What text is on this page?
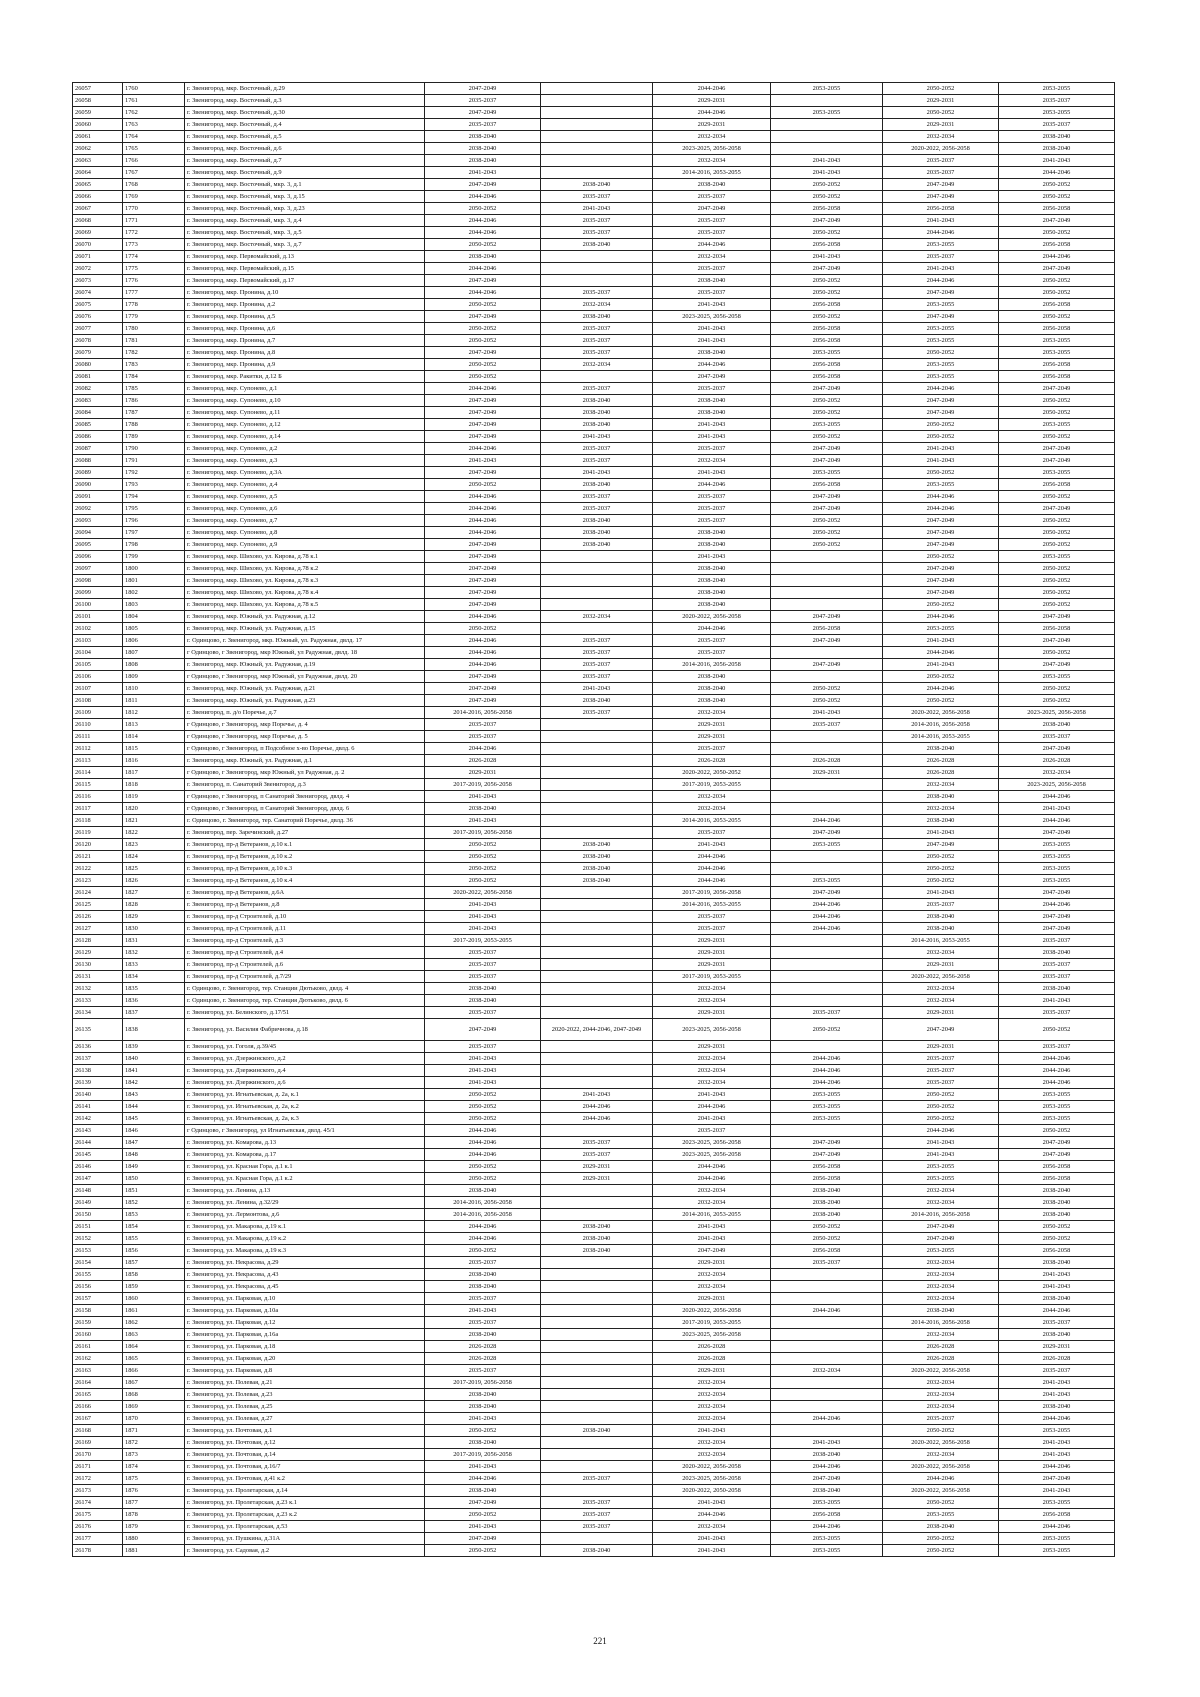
26057	1760	г. Звенигород, мкр. Восточный, д.29	2047-2049		2044-2046	2053-2055	2050-2052	2053-2055
26058	1761	г. Звенигород, мкр. Восточный, д.3	2035-2037		2029-2031		2029-2031	2035-2037
26059	1762	г. Звенигород, мкр. Восточный, д.30	2047-2049		2044-2046	2053-2055	2050-2052	2053-2055
26060	1763	г. Звенигород, мкр. Восточный, д.4	2035-2037		2029-2031		2029-2031	2035-2037
26061	1764	г. Звенигород, мкр. Восточный, д.5	2038-2040		2032-2034		2032-2034	2038-2040
26062	1765	г. Звенигород, мкр. Восточный, д.6	2038-2040		2023-2025, 2056-2058		2020-2022, 2056-2058	2038-2040
26063	1766	г. Звенигород, мкр. Восточный, д.7	2038-2040		2032-2034	2041-2043	2035-2037	2041-2043
26064	1767	г. Звенигород, мкр. Восточный, д.9	2041-2043		2014-2016, 2053-2055	2041-2043	2035-2037	2044-2046
26065	1768	г. Звенигород, мкр. Восточный, мкр. 3, д.1	2047-2049	2038-2040	2038-2040	2050-2052	2047-2049	2050-2052
26066	1769	г. Звенигород, мкр. Восточный, мкр. 3, д.15	2044-2046	2035-2037	2035-2037	2050-2052	2047-2049	2050-2052
26067	1770	г. Звенигород, мкр. Восточный, мкр. 3, д.23	2050-2052	2041-2043	2047-2049	2056-2058	2056-2058	2056-2058
26068	1771	г. Звенигород, мкр. Восточный, мкр. 3, д.4	2044-2046	2035-2037	2035-2037	2047-2049	2041-2043	2047-2049
26069	1772	г. Звенигород, мкр. Восточный, мкр. 3, д.5	2044-2046	2035-2037	2035-2037	2050-2052	2044-2046	2050-2052
26070	1773	г. Звенигород, мкр. Восточный, мкр. 3, д.7	2050-2052	2038-2040	2044-2046	2056-2058	2053-2055	2056-2058
26071	1774	г. Звенигород, мкр. Первомайский, д.13	2038-2040		2032-2034	2041-2043	2035-2037	2044-2046
26072	1775	г. Звенигород, мкр. Первомайский, д.15	2044-2046		2035-2037	2047-2049	2041-2043	2047-2049
26073	1776	г. Звенигород, мкр. Первомайский, д.17	2047-2049		2038-2040	2050-2052	2044-2046	2050-2052
26074	1777	г. Звенигород, мкр. Пронина, д.10	2044-2046	2035-2037	2035-2037	2050-2052	2047-2049	2050-2052
26075	1778	г. Звенигород, мкр. Пронина, д.2	2050-2052	2032-2034	2041-2043	2056-2058	2053-2055	2056-2058
26076	1779	г. Звенигород, мкр. Пронина, д.5	2047-2049	2038-2040	2023-2025, 2056-2058	2050-2052	2047-2049	2050-2052
26077	1780	г. Звенигород, мкр. Пронина, д.6	2050-2052	2035-2037	2041-2043	2056-2058	2053-2055	2056-2058
26078	1781	г. Звенигород, мкр. Пронина, д.7	2050-2052	2035-2037	2041-2043	2056-2058	2053-2055	2053-2055
26079	1782	г. Звенигород, мкр. Пронина, д.8	2047-2049	2035-2037	2038-2040	2053-2055	2050-2052	2053-2055
26080	1783	г. Звенигород, мкр. Пронина, д.9	2050-2052	2032-2034	2044-2046	2056-2058	2053-2055	2056-2058
26081	1784	г. Звенигород, мкр. Ракитки, д.12 Б	2050-2052		2047-2049	2056-2058	2053-2055	2056-2058
26082	1785	г. Звенигород, мкр. Супонево, д.1	2044-2046	2035-2037	2035-2037	2047-2049	2044-2046	2047-2049
26083	1786	г. Звенигород, мкр. Супонево, д.10	2047-2049	2038-2040	2038-2040	2050-2052	2047-2049	2050-2052
26084	1787	г. Звенигород, мкр. Супонево, д.11	2047-2049	2038-2040	2038-2040	2050-2052	2047-2049	2050-2052
26085	1788	г. Звенигород, мкр. Супонево, д.12	2047-2049	2038-2040	2041-2043	2053-2055	2050-2052	2053-2055
26086	1789	г. Звенигород, мкр. Супонево, д.14	2047-2049	2041-2043	2041-2043	2050-2052	2050-2052	2050-2052
26087	1790	г. Звенигород, мкр. Супонево, д.2	2044-2046	2035-2037	2035-2037	2047-2049	2041-2043	2047-2049
26088	1791	г. Звенигород, мкр. Супонево, д.3	2041-2043	2035-2037	2032-2034	2047-2049	2041-2043	2047-2049
26089	1792	г. Звенигород, мкр. Супонево, д.3А	2047-2049	2041-2043	2041-2043	2053-2055	2050-2052	2053-2055
26090	1793	г. Звенигород, мкр. Супонево, д.4	2050-2052	2038-2040	2044-2046	2056-2058	2053-2055	2056-2058
26091	1794	г. Звенигород, мкр. Супонево, д.5	2044-2046	2035-2037	2035-2037	2047-2049	2044-2046	2050-2052
26092	1795	г. Звенигород, мкр. Супонево, д.6	2044-2046	2035-2037	2035-2037	2047-2049	2044-2046	2047-2049
26093	1796	г. Звенигород, мкр. Супонево, д.7	2044-2046	2038-2040	2035-2037	2050-2052	2047-2049	2050-2052
26094	1797	г. Звенигород, мкр. Супонево, д.8	2044-2046	2038-2040	2038-2040	2050-2052	2047-2049	2050-2052
26095	1798	г. Звенигород, мкр. Супонево, д.9	2047-2049	2038-2040	2038-2040	2050-2052	2047-2049	2050-2052
26096	1799	г. Звенигород, мкр. Шихово, ул. Кирова, д.78 к.1	2047-2049		2041-2043		2050-2052	2053-2055
26097	1800	г. Звенигород, мкр. Шихово, ул. Кирова, д.78 к.2	2047-2049		2038-2040		2047-2049	2050-2052
26098	1801	г. Звенигород, мкр. Шихово, ул. Кирова, д.78 к.3	2047-2049		2038-2040		2047-2049	2050-2052
26099	1802	г. Звенигород, мкр. Шихово, ул. Кирова, д.78 к.4	2047-2049		2038-2040		2047-2049	2050-2052
26100	1803	г. Звенигород, мкр. Шихово, ул. Кирова, д.78 к.5	2047-2049		2038-2040		2050-2052	2050-2052
26101	1804	г. Звенигород, мкр. Южный, ул. Радужная, д.12	2044-2046	2032-2034	2020-2022, 2056-2058	2047-2049	2044-2046	2047-2049
26102	1805	г. Звенигород, мкр. Южный, ул. Радужная, д.15	2050-2052		2044-2046	2056-2058	2053-2055	2056-2058
26103	1806	г. Одинцово, г. Звенигород, мкр. Южный, ул. Радужная, двлд. 17	2044-2046	2035-2037	2035-2037	2047-2049	2041-2043	2047-2049
26104	1807	г Одинцово, г Звенигород, мкр Южный, ул Радужная, двлд. 18	2044-2046	2035-2037	2035-2037		2044-2046	2050-2052
26105	1808	г. Звенигород, мкр. Южный, ул. Радужная, д.19	2044-2046	2035-2037	2014-2016, 2056-2058	2047-2049	2041-2043	2047-2049
26106	1809	г Одинцово, г Звенигород, мкр Южный, ул Радужная, двлд. 20	2047-2049	2035-2037	2038-2040		2050-2052	2053-2055
26107	1810	г. Звенигород, мкр. Южный, ул. Радужная, д.21	2047-2049	2041-2043	2038-2040	2050-2052	2044-2046	2050-2052
26108	1811	г. Звенигород, мкр. Южный, ул. Радужная, д.23	2047-2049	2038-2040	2038-2040	2050-2052	2050-2052	2050-2052
26109	1812	г. Звенигород, п. д/о Поречье, д.7	2014-2016, 2056-2058	2035-2037	2032-2034	2041-2043	2020-2022, 2056-2058	2023-2025, 2056-2058
26110	1813	г Одинцово, г Звенигород, мкр Поречье, д. 4	2035-2037		2029-2031	2035-2037	2014-2016, 2056-2058	2038-2040
26111	1814	г Одинцово, г Звенигород, мкр Поречье, д. 5	2035-2037		2029-2031		2014-2016, 2053-2055	2035-2037
26112	1815	г Одинцово, г Звенигород, п Подсобное х-во Поречье, двлд. 6	2044-2046		2035-2037		2038-2040	2047-2049
26113	1816	г. Звенигород, мкр. Южный, ул. Радужная, д.1	2026-2028		2026-2028	2026-2028	2026-2028	2026-2028
26114	1817	г Одинцово, г Звенигород, мкр Южный, ул Радужная, д. 2	2029-2031		2020-2022, 2050-2052	2029-2031	2026-2028	2032-2034
26115	1818	г. Звенигород, п. Санаторий Звенигород, д.3	2017-2019, 2056-2058		2017-2019, 2053-2055		2032-2034	2023-2025, 2056-2058
26116	1819	г Одинцово, г Звенигород, п Санаторий Звенигород, двлд. 4	2041-2043		2032-2034		2038-2040	2044-2046
26117	1820	г Одинцово, г Звенигород, п Санаторий Звенигород, двлд. 6	2038-2040		2032-2034		2032-2034	2041-2043
26118	1821	г. Одинцово, г. Звенигород, тер. Санаторий Поречье, двлд. 36	2041-2043		2014-2016, 2053-2055	2044-2046	2038-2040	2044-2046
26119	1822	г. Звенигород, пер. Заречинский, д.27	2017-2019, 2056-2058		2035-2037	2047-2049	2041-2043	2047-2049
26120	1823	г. Звенигород, пр-д Ветеранов, д.10 к.1	2050-2052	2038-2040	2041-2043	2053-2055	2047-2049	2053-2055
26121	1824	г. Звенигород, пр-д Ветеранов, д.10 к.2	2050-2052	2038-2040	2044-2046		2050-2052	2053-2055
26122	1825	г. Звенигород, пр-д Ветеранов, д.10 к.3	2050-2052	2038-2040	2044-2046		2050-2052	2053-2055
26123	1826	г. Звенигород, пр-д Ветеранов, д.10 к.4	2050-2052	2038-2040	2044-2046	2053-2055	2050-2052	2053-2055
26124	1827	г. Звенигород, пр-д Ветеранов, д.6А	2020-2022, 2056-2058		2017-2019, 2056-2058	2047-2049	2041-2043	2047-2049
26125	1828	г. Звенигород, пр-д Ветеранов, д.8	2041-2043		2014-2016, 2053-2055	2044-2046	2035-2037	2044-2046
26126	1829	г. Звенигород, пр-д Строителей, д.10	2041-2043		2035-2037	2044-2046	2038-2040	2047-2049
26127	1830	г. Звенигород, пр-д Строителей, д.11	2041-2043		2035-2037	2044-2046	2038-2040	2047-2049
26128	1831	г. Звенигород, пр-д Строителей, д.3	2017-2019, 2053-2055		2029-2031		2014-2016, 2053-2055	2035-2037
26129	1832	г. Звенигород, пр-д Строителей, д.4	2035-2037		2029-2031		2032-2034	2038-2040
26130	1833	г. Звенигород, пр-д Строителей, д.6	2035-2037		2029-2031		2029-2031	2035-2037
26131	1834	г. Звенигород, пр-д Строителей, д.7/29	2035-2037		2017-2019, 2053-2055		2020-2022, 2056-2058	2035-2037
26132	1835	г. Одинцово, г. Звенигород, тер. Станции Дютьково, двлд. 4	2038-2040		2032-2034		2032-2034	2038-2040
26133	1836	г. Одинцово, г. Звенигород, тер. Станция Дютьково, двлд. 6	2038-2040		2032-2034		2032-2034	2041-2043
26134	1837	г. Звенигород, ул. Белинского, д.17/51	2035-2037		2029-2031	2035-2037	2029-2031	2035-2037
26135	1838	г. Звенигород, ул. Василия Фабричнова, д.18	2047-2049	2020-2022, 2044-2046, 2047-2049	2023-2025, 2056-2058	2050-2052	2047-2049	2050-2052
26136	1839	г. Звенигород, ул. Гоголя, д.39/45	2035-2037		2029-2031		2029-2031	2035-2037
26137	1840	г. Звенигород, ул. Дзержинского, д.2	2041-2043		2032-2034	2044-2046	2035-2037	2044-2046
26138	1841	г. Звенигород, ул. Дзержинского, д.4	2041-2043		2032-2034	2044-2046	2035-2037	2044-2046
26139	1842	г. Звенигород, ул. Дзержинского, д.6	2041-2043		2032-2034	2044-2046	2035-2037	2044-2046
26140	1843	г. Звенигород, ул. Игнатьевская, д. 2а, к.1	2050-2052	2041-2043	2041-2043	2053-2055	2050-2052	2053-2055
26141	1844	г. Звенигород, ул. Игнатьевская, д. 2а, к.2	2050-2052	2044-2046	2044-2046	2053-2055	2050-2052	2053-2055
26142	1845	г. Звенигород, ул. Игнатьевская, д. 2а, к.3	2050-2052	2044-2046	2041-2043	2053-2055	2050-2052	2053-2055
26143	1846	г Одинцово, г Звенигород, ул Игнатьевская, двлд. 45/1	2044-2046		2035-2037		2044-2046	2050-2052
26144	1847	г. Звенигород, ул. Комарова, д.13	2044-2046	2035-2037	2023-2025, 2056-2058	2047-2049	2041-2043	2047-2049
26145	1848	г. Звенигород, ул. Комарова, д.17	2044-2046	2035-2037	2023-2025, 2056-2058	2047-2049	2041-2043	2047-2049
26146	1849	г. Звенигород, ул. Красная Гора, д.1 к.1	2050-2052	2029-2031	2044-2046	2056-2058	2053-2055	2056-2058
26147	1850	г. Звенигород, ул. Красная Гора, д.1 к.2	2050-2052	2029-2031	2044-2046	2056-2058	2053-2055	2056-2058
26148	1851	г. Звенигород, ул. Ленина, д.13	2038-2040		2032-2034	2038-2040	2032-2034	2038-2040
26149	1852	г. Звенигород, ул. Ленина, д.32/29	2014-2016, 2056-2058		2032-2034	2038-2040	2032-2034	2038-2040
26150	1853	г. Звенигород, ул. Лермонтова, д.6	2014-2016, 2056-2058		2014-2016, 2053-2055	2038-2040	2014-2016, 2056-2058	2038-2040
26151	1854	г. Звенигород, ул. Макарова, д.19 к.1	2044-2046	2038-2040	2041-2043	2050-2052	2047-2049	2050-2052
26152	1855	г. Звенигород, ул. Макарова, д.19 к.2	2044-2046	2038-2040	2041-2043	2050-2052	2047-2049	2050-2052
26153	1856	г. Звенигород, ул. Макарова, д.19 к.3	2050-2052	2038-2040	2047-2049	2056-2058	2053-2055	2056-2058
26154	1857	г. Звенигород, ул. Некрасова, д.29	2035-2037		2029-2031	2035-2037	2032-2034	2038-2040
26155	1858	г. Звенигород, ул. Некрасова, д.43	2038-2040		2032-2034		2032-2034	2041-2043
26156	1859	г. Звенигород, ул. Некрасова, д.45	2038-2040		2032-2034		2032-2034	2041-2043
26157	1860	г. Звенигород, ул. Парковая, д.10	2035-2037		2029-2031		2032-2034	2038-2040
26158	1861	г. Звенигород, ул. Парковая, д.10а	2041-2043		2020-2022, 2056-2058	2044-2046	2038-2040	2044-2046
26159	1862	г. Звенигород, ул. Парковая, д.12	2035-2037		2017-2019, 2053-2055		2014-2016, 2056-2058	2035-2037
26160	1863	г. Звенигород, ул. Парковая, д.16а	2038-2040		2023-2025, 2056-2058		2032-2034	2038-2040
26161	1864	г. Звенигород, ул. Парковая, д.18	2026-2028		2026-2028		2026-2028	2029-2031
26162	1865	г. Звенигород, ул. Парковая, д.20	2026-2028		2026-2028		2026-2028	2026-2028
26163	1866	г. Звенигород, ул. Парковая, д.8	2035-2037		2029-2031	2032-2034	2020-2022, 2056-2058	2035-2037
26164	1867	г. Звенигород, ул. Полевая, д.21	2017-2019, 2056-2058		2032-2034		2032-2034	2041-2043
26165	1868	г. Звенигород, ул. Полевая, д.23	2038-2040		2032-2034		2032-2034	2041-2043
26166	1869	г. Звенигород, ул. Полевая, д.25	2038-2040		2032-2034		2032-2034	2038-2040
26167	1870	г. Звенигород, ул. Полевая, д.27	2041-2043		2032-2034	2044-2046	2035-2037	2044-2046
26168	1871	г. Звенигород, ул. Почтовая, д.1	2050-2052	2038-2040	2041-2043		2050-2052	2053-2055
26169	1872	г. Звенигород, ул. Почтовая, д.12	2038-2040		2032-2034	2041-2043	2020-2022, 2056-2058	2041-2043
26170	1873	г. Звенигород, ул. Почтовая, д.14	2017-2019, 2056-2058		2032-2034	2038-2040	2032-2034	2041-2043
26171	1874	г. Звенигород, ул. Почтовая, д.16/7	2041-2043		2020-2022, 2056-2058	2044-2046	2020-2022, 2056-2058	2044-2046
26172	1875	г. Звенигород, ул. Почтовая, д.41 к.2	2044-2046	2035-2037	2023-2025, 2056-2058	2047-2049	2044-2046	2047-2049
26173	1876	г. Звенигород, ул. Пролетарская, д.14	2038-2040		2020-2022, 2050-2058	2038-2040	2020-2022, 2056-2058	2041-2043
26174	1877	г. Звенигород, ул. Пролетарская, д.23 к.1	2047-2049	2035-2037	2041-2043	2053-2055	2050-2052	2053-2055
26175	1878	г. Звенигород, ул. Пролетарская, д.23 к.2	2050-2052	2035-2037	2044-2046	2056-2058	2053-2055	2056-2058
26176	1879	г. Звенигород, ул. Пролетарская, д.53	2041-2043	2035-2037	2032-2034	2044-2046	2038-2040	2044-2046
26177	1880	г. Звенигород, ул. Пушкина, д.31А	2047-2049		2041-2043	2053-2055	2050-2052	2053-2055
26178	1881	г. Звенигород, ул. Садовая, д.2	2050-2052	2038-2040	2041-2043	2053-2055	2050-2052	2053-2055
221
